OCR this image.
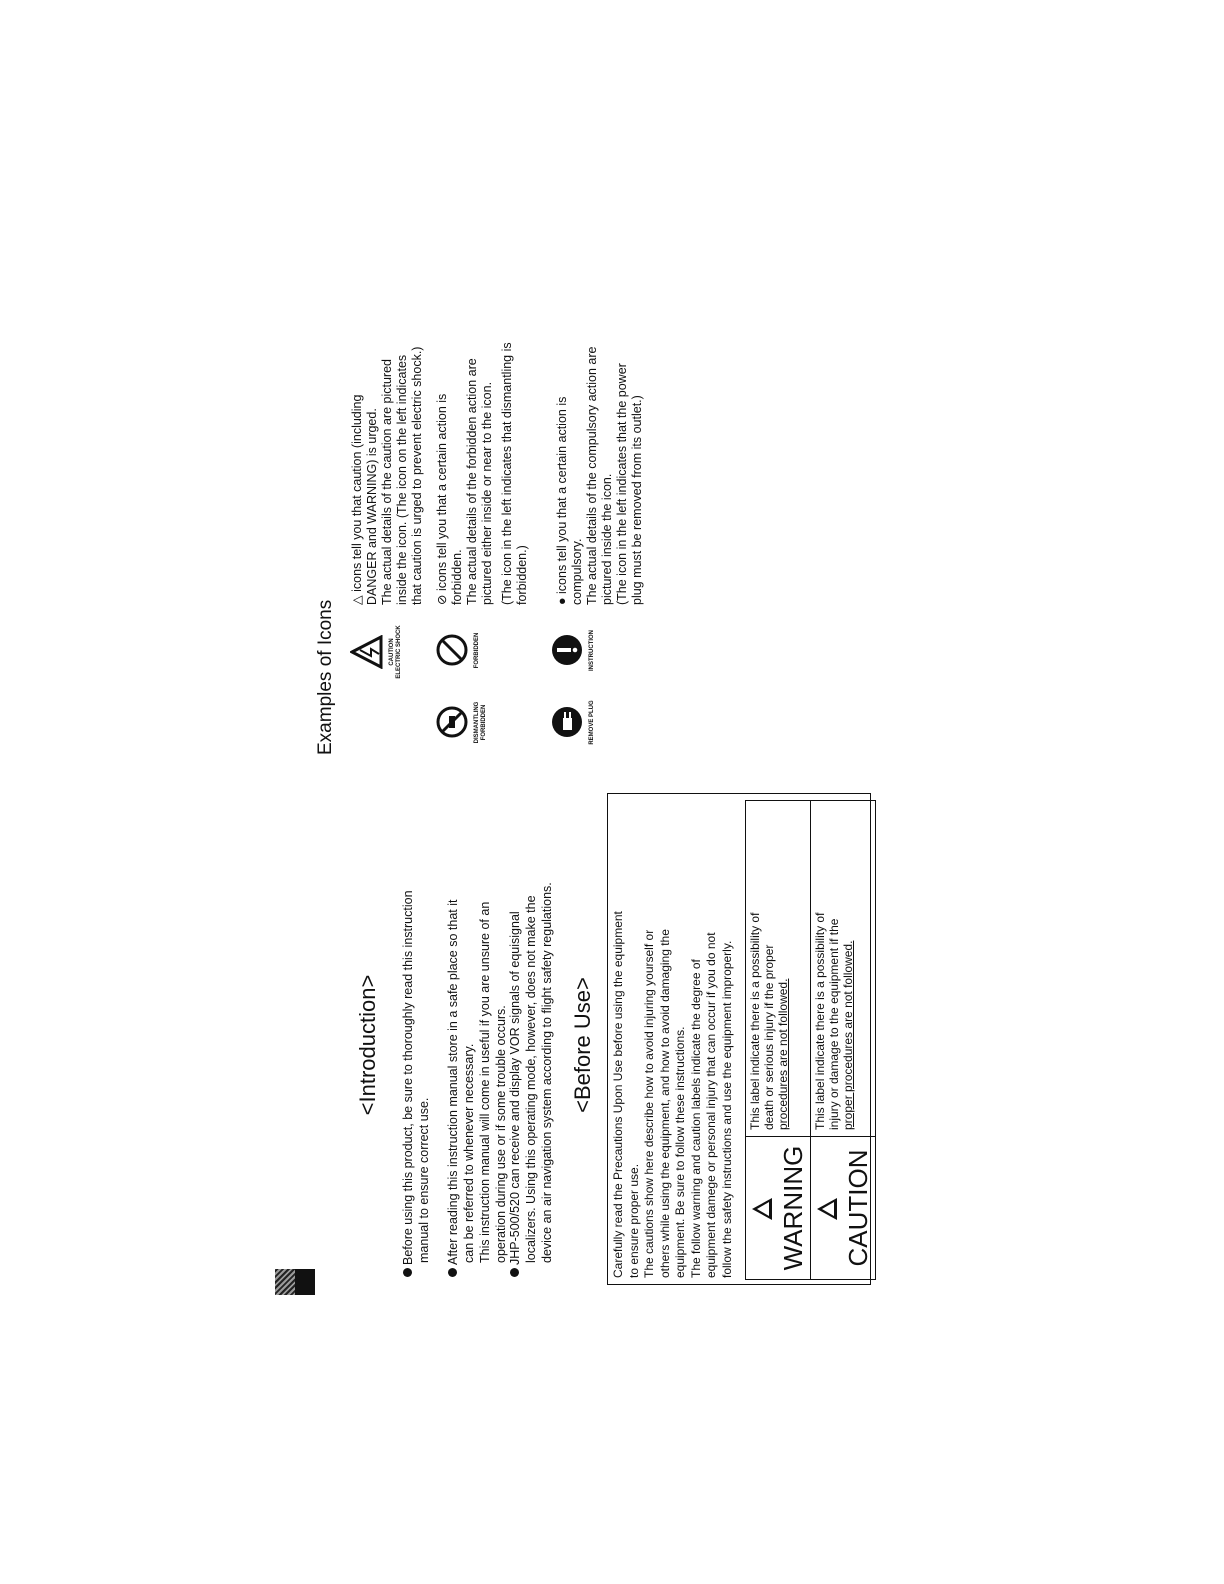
<Introduction> Before using this product, be sure to thoroughly read this instruction manual to ensure correct use. After reading this instruction manual store in a safe place so that it can be referred to whenever necessary. This instruction manual will come in useful if you are unsure of an operation during use or if some trouble occurs. JHP-500/520 can receive and display VOR signals of equisignal localizers. Using this operating mode, however, does not make the device an air navigation system according to flight safety regulations. <Before Use> Carefully read the Precautions Upon Use before using the equipment to ensure proper use. The cautions show here describe how to avoid injuring yourself or others while using the equipment, and how to avoid damaging the equipment. Be sure to follow these instructions. The follow warning and caution labels indicate the degree of equipment damege or personal injury that can occur if you do not follow the safety instructions and use the equipment improperly. WARNING	This label indicate there is a possibility of death or serious injury if the proper procedures are not followed.

CAUTION	This label indicate there is a possibility of injury or damage to the equipment if the proper procedures are not followed.
Examples of Icons	CAUTION ELECTRIC SHOCK
DISMANTLING FORBIDDEN
FORBIDDEN
REMOVE PLUG
INSTRUCTION
△ icons tell you that caution (including DANGER and WARNING) is urged. The actual details of the caution are pictured inside the icon. (The icon on the left indicates that caution is urged to prevent electric shock.) ⊘ icons tell you that a certain action is forbidden. The actual details of the forbidden action are pictured either inside or near to the icon. (The icon in the left indicates that dismantling is forbidden.) ● icons tell you that a certain action is compulsory. The actual details of the compulsory action are pictured inside the icon. (The icon in the left indicates that the power plug must be removed from its outlet.)
